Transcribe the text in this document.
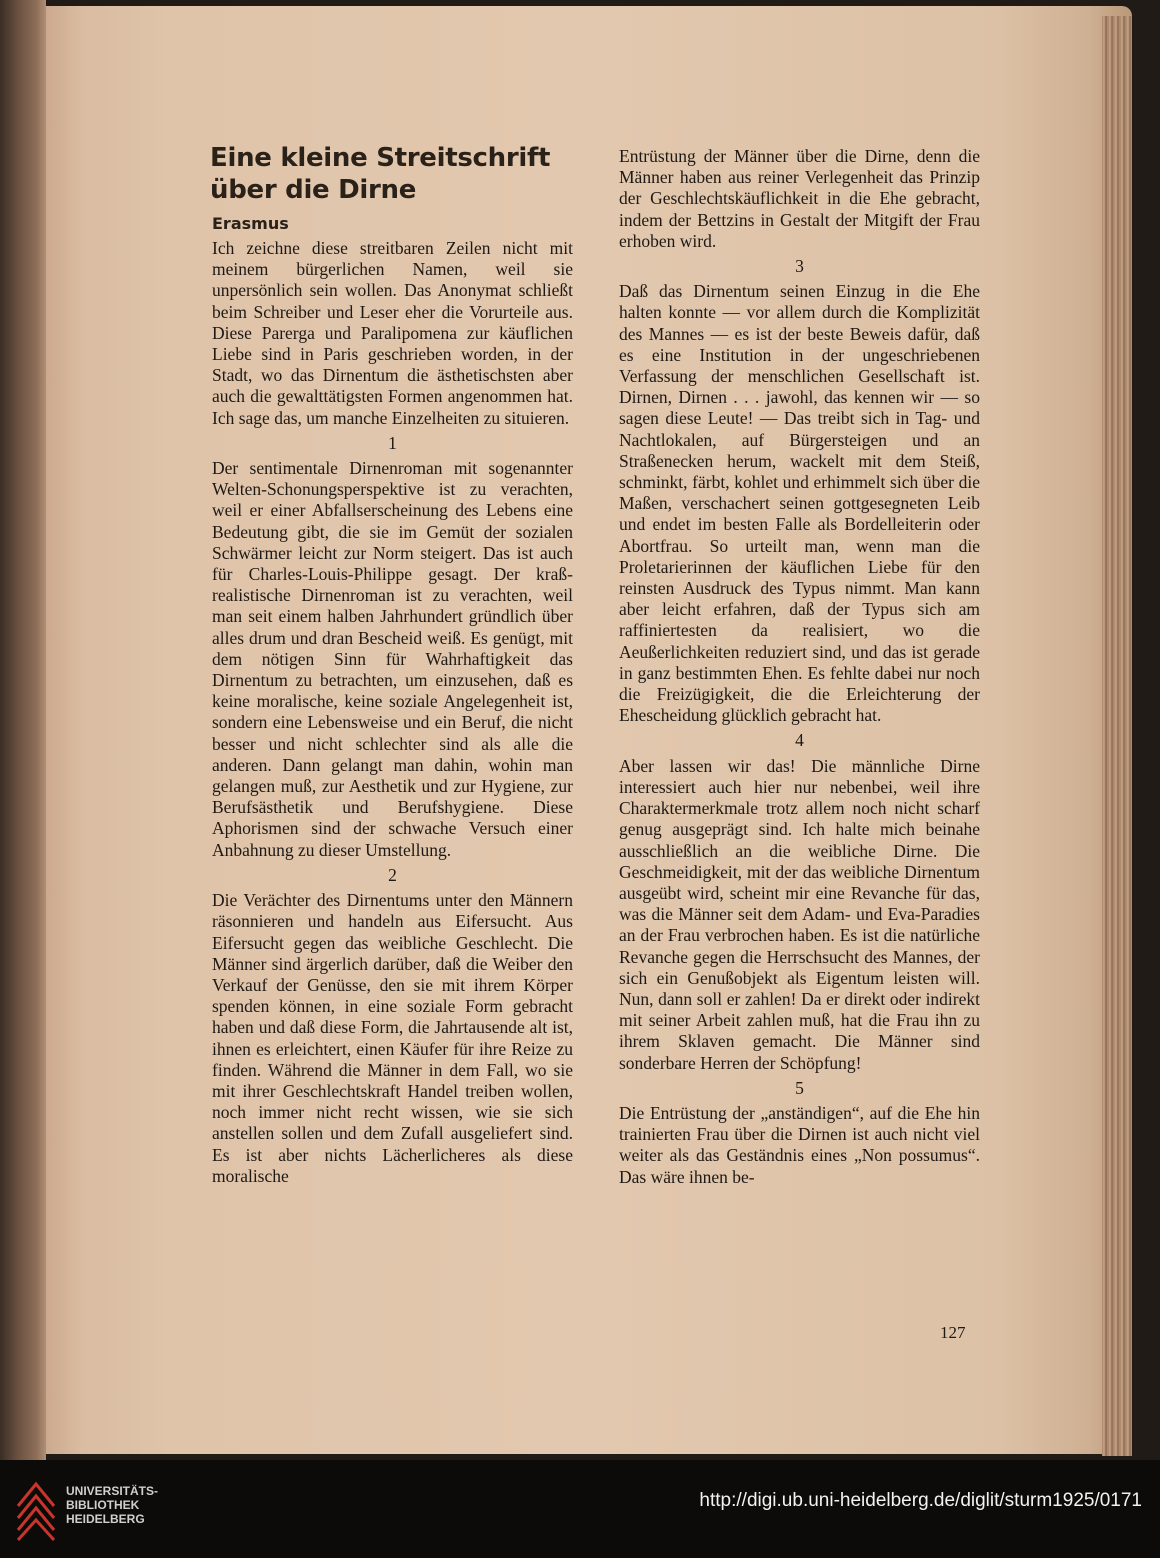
Eine kleine Streitschrift über die Dirne
Erasmus

Ich zeichne diese streitbaren Zeilen nicht mit meinem bürgerlichen Namen, weil sie unpersönlich sein wollen. Das Anonymat schließt beim Schreiber und Leser eher die Vorurteile aus. Diese Parerga und Paralipomena zur käuflichen Liebe sind in Paris geschrieben worden, in der Stadt, wo das Dirnentum die ästhetischsten aber auch die gewalttätigsten Formen angenommen hat. Ich sage das, um manche Einzelheiten zu situieren.

1

Der sentimentale Dirnenroman mit sogenannter Welten-Schonungsperspektive ist zu verachten, weil er einer Abfallserscheinung des Lebens eine Bedeutung gibt, die sie im Gemüt der sozialen Schwärmer leicht zur Norm steigert. Das ist auch für Charles-Louis-Philippe gesagt. Der kraß-realistische Dirnenroman ist zu verachten, weil man seit einem halben Jahrhundert gründlich über alles drum und dran Bescheid weiß. Es genügt, mit dem nötigen Sinn für Wahrhaftigkeit das Dirnentum zu betrachten, um einzusehen, daß es keine moralische, keine soziale Angelegenheit ist, sondern eine Lebensweise und ein Beruf, die nicht besser und nicht schlechter sind als alle die anderen. Dann gelangt man dahin, wohin man gelangen muß, zur Aesthetik und zur Hygiene, zur Berufsästhetik und Berufshygiene. Diese Aphorismen sind der schwache Versuch einer Anbahnung zu dieser Umstellung.

2

Die Verächter des Dirnentums unter den Männern räsonnieren und handeln aus Eifersucht. Aus Eifersucht gegen das weibliche Geschlecht. Die Männer sind ärgerlich darüber, daß die Weiber den Verkauf der Genüsse, den sie mit ihrem Körper spenden können, in eine soziale Form gebracht haben und daß diese Form, die Jahrtausende alt ist, ihnen es erleichtert, einen Käufer für ihre Reize zu finden. Während die Männer in dem Fall, wo sie mit ihrer Geschlechtskraft Handel treiben wollen, noch immer nicht recht wissen, wie sie sich anstellen sollen und dem Zufall ausgeliefert sind. Es ist aber nichts Lächerlicheres als diese moralische

Entrüstung der Männer über die Dirne, denn die Männer haben aus reiner Verlegenheit das Prinzip der Geschlechtskäuflichkeit in die Ehe gebracht, indem der Bettzins in Gestalt der Mitgift der Frau erhoben wird.

3

Daß das Dirnentum seinen Einzug in die Ehe halten konnte — vor allem durch die Komplizität des Mannes — es ist der beste Beweis dafür, daß es eine Institution in der ungeschriebenen Verfassung der menschlichen Gesellschaft ist. Dirnen, Dirnen . . . jawohl, das kennen wir — so sagen diese Leute! — Das treibt sich in Tag- und Nachtlokalen, auf Bürgersteigen und an Straßenecken herum, wackelt mit dem Steiß, schminkt, färbt, kohlet und erhimmelt sich über die Maßen, verschachert seinen gottgesegneten Leib und endet im besten Falle als Bordelleiterin oder Abortfrau. So urteilt man, wenn man die Proletarierinnen der käuflichen Liebe für den reinsten Ausdruck des Typus nimmt. Man kann aber leicht erfahren, daß der Typus sich am raffiniertesten da realisiert, wo die Aeußerlichkeiten reduziert sind, und das ist gerade in ganz bestimmten Ehen. Es fehlte dabei nur noch die Freizügigkeit, die die Erleichterung der Ehescheidung glücklich gebracht hat.

4

Aber lassen wir das! Die männliche Dirne interessiert auch hier nur nebenbei, weil ihre Charaktermerkmale trotz allem noch nicht scharf genug ausgeprägt sind. Ich halte mich beinahe ausschließlich an die weibliche Dirne. Die Geschmeidigkeit, mit der das weibliche Dirnentum ausgeübt wird, scheint mir eine Revanche für das, was die Männer seit dem Adam- und Eva-Paradies an der Frau verbrochen haben. Es ist die natürliche Revanche gegen die Herrschsucht des Mannes, der sich ein Genußobjekt als Eigentum leisten will. Nun, dann soll er zahlen! Da er direkt oder indirekt mit seiner Arbeit zahlen muß, hat die Frau ihn zu ihrem Sklaven gemacht. Die Männer sind sonderbare Herren der Schöpfung!

5

Die Entrüstung der „anständigen“, auf die Ehe hin trainierten Frau über die Dirnen ist auch nicht viel weiter als das Geständnis eines „Non possumus“. Das wäre ihnen be-

127
UNIVERSITÄTS-
BIBLIOTHEK
HEIDELBERG
http://digi.ub.uni-heidelberg.de/diglit/sturm1925/0171
